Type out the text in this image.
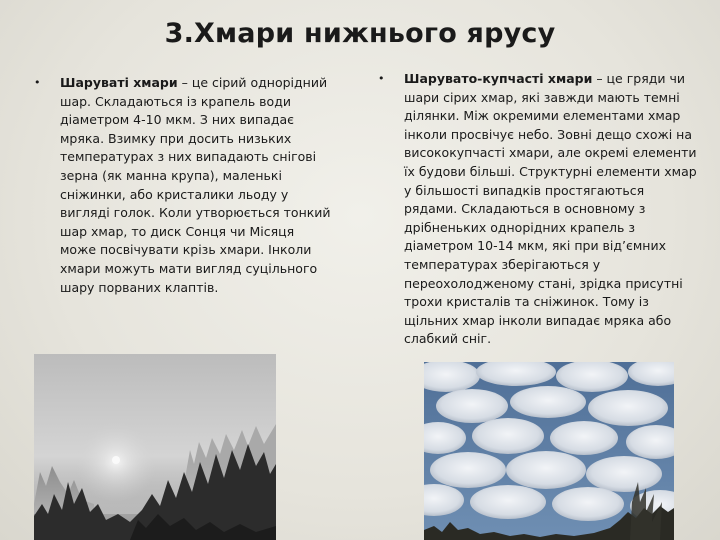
3.Хмари нижнього ярусу
•	Шаруваті хмари – це сірий однорідний шар. Складаються із крапель води діаметром 4-10 мкм. З них випадає мряка. Взимку при досить низьких температурах з них випадають снігові зерна (як манна крупа), маленькі сніжинки, або кристалики льоду у вигляді голок. Коли утворюється тонкий шар хмар, то диск Сонця чи Місяця може посвічувати крізь хмари. Інколи хмари можуть мати вигляд суцільного шару порваних клаптів.
•	Шарувато-купчасті хмари – це гряди чи шари сірих хмар, які завжди мають темні ділянки. Між окремими елементами хмар інколи просвічує небо. Зовні дещо схожі на висококупчасті хмари, але окремі елементи їх будови більші. Структурні елементи хмар у більшості випадків простягаються рядами. Складаються в основному з дрібненьких однорідних крапель з діаметром 10-14 мкм, які при від’ємних температурах зберігаються у переохолодженому стані, зрідка присутні трохи кристалів та сніжинок. Тому із щільних хмар інколи випадає мряка або слабкий сніг.
